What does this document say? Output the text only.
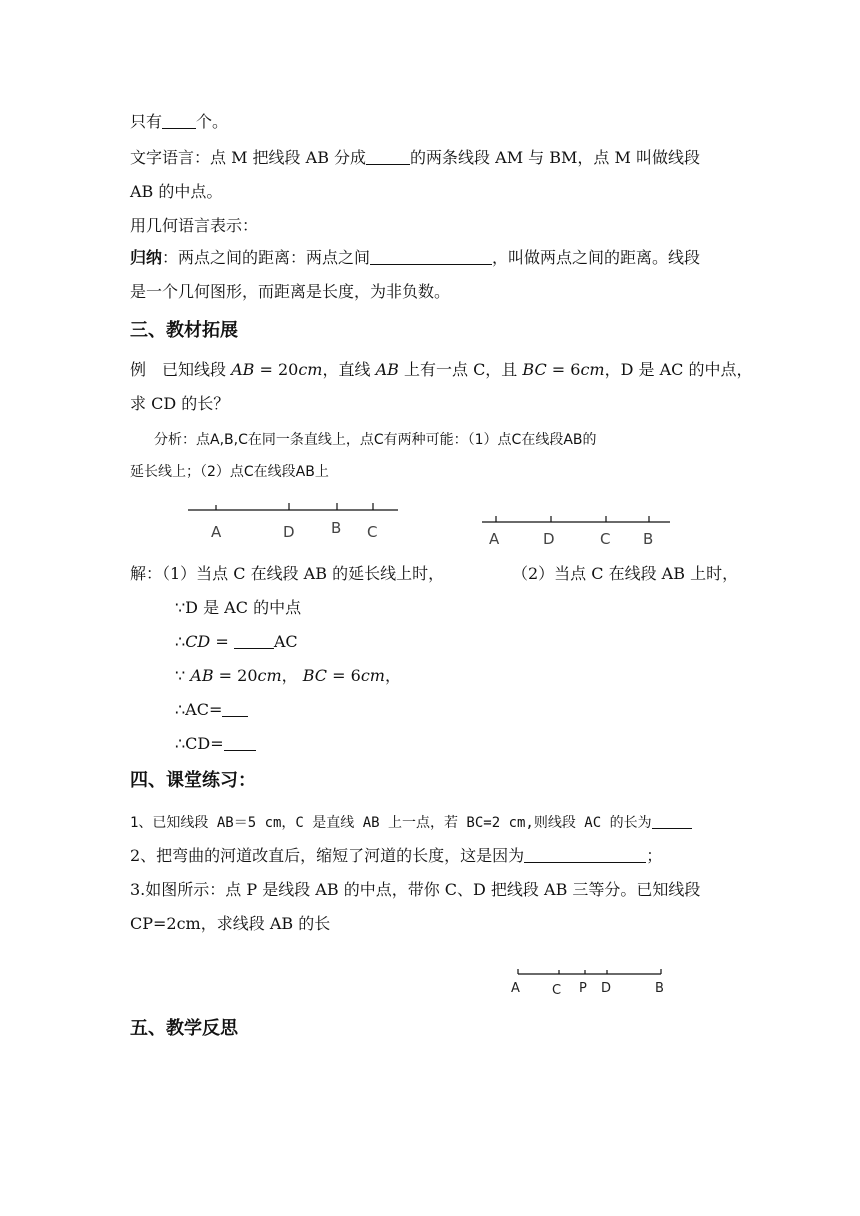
只有 个。
文字语言：点 M 把线段 AB 分成	的两条线段 AM 与 BM，点 M 叫做线段
AB 的中点。
用几何语言表示：
归纳：两点之间的距离：两点之间	，叫做两点之间的距离。线段
是一个几何图形，而距离是长度，为非负数。
三、教材拓展
例　已知线段 AB = 20cm，直线 AB 上有一点 C，且 BC = 6cm，D 是 AC 的中点，
求 CD 的长？
分析：点A,B,C在同一条直线上，点C有两种可能：（1）点C在线段AB的
延长线上；（2）点C在线段AB上
A	D B C	A	D	C B
解：（1）当点 C 在线段 AB 的延长线上时，	（2）当点 C 在线段 AB 上时，
∵D 是 AC 的中点
∴CD =	AC
∵ AB = 20cm， BC = 6cm，
∴AC=
∴CD=
四、课堂练习：
1、已知线段 AB＝5 cm，C 是直线 AB 上一点，若 BC=2 cm,则线段 AC 的长为
2、把弯曲的河道改直后，缩短了河道的长度，这是因为	；
3.如图所示：点 P 是线段 AB 的中点，带你 C、D 把线段 AB 三等分。已知线段
CP=2cm，求线段 AB 的长
A C P D	B
五、教学反思
